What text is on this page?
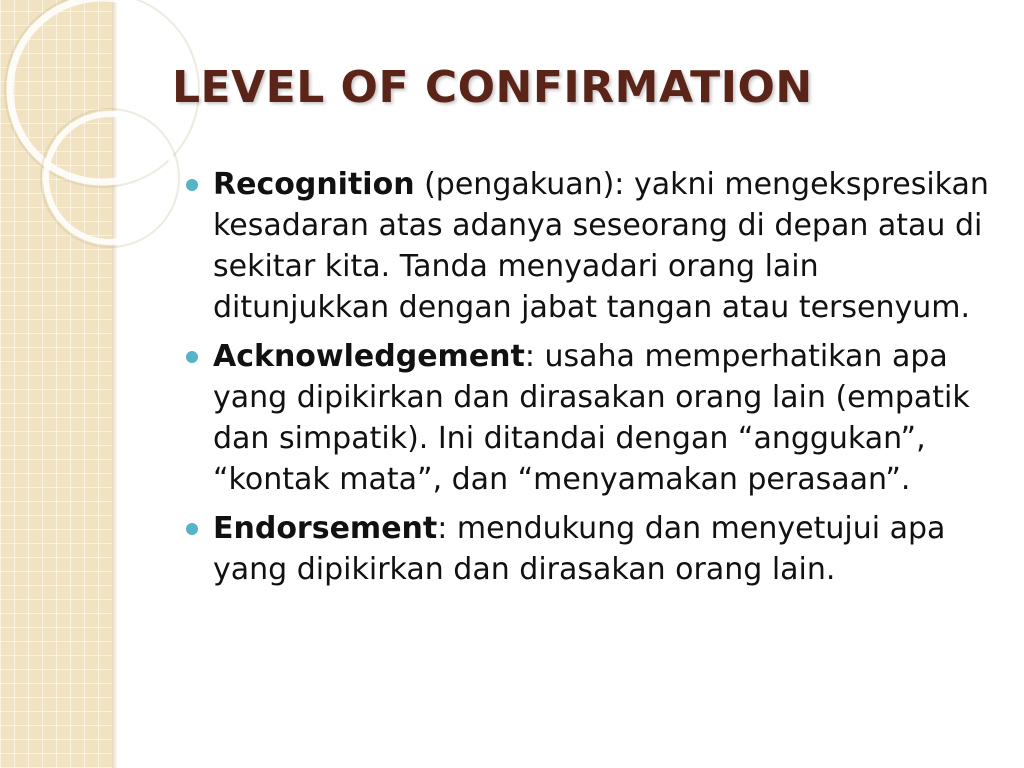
LEVEL OF CONFIRMATION
Recognition (pengakuan): yakni mengekspresikan kesadaran atas adanya seseorang di depan atau di sekitar kita. Tanda menyadari orang lain ditunjukkan dengan jabat tangan atau tersenyum.
Acknowledgement: usaha memperhatikan apa yang dipikirkan dan dirasakan orang lain (empatik dan simpatik). Ini ditandai dengan “anggukan”, “kontak mata”, dan “menyamakan perasaan”.
Endorsement: mendukung dan menyetujui apa yang dipikirkan dan dirasakan orang lain.
